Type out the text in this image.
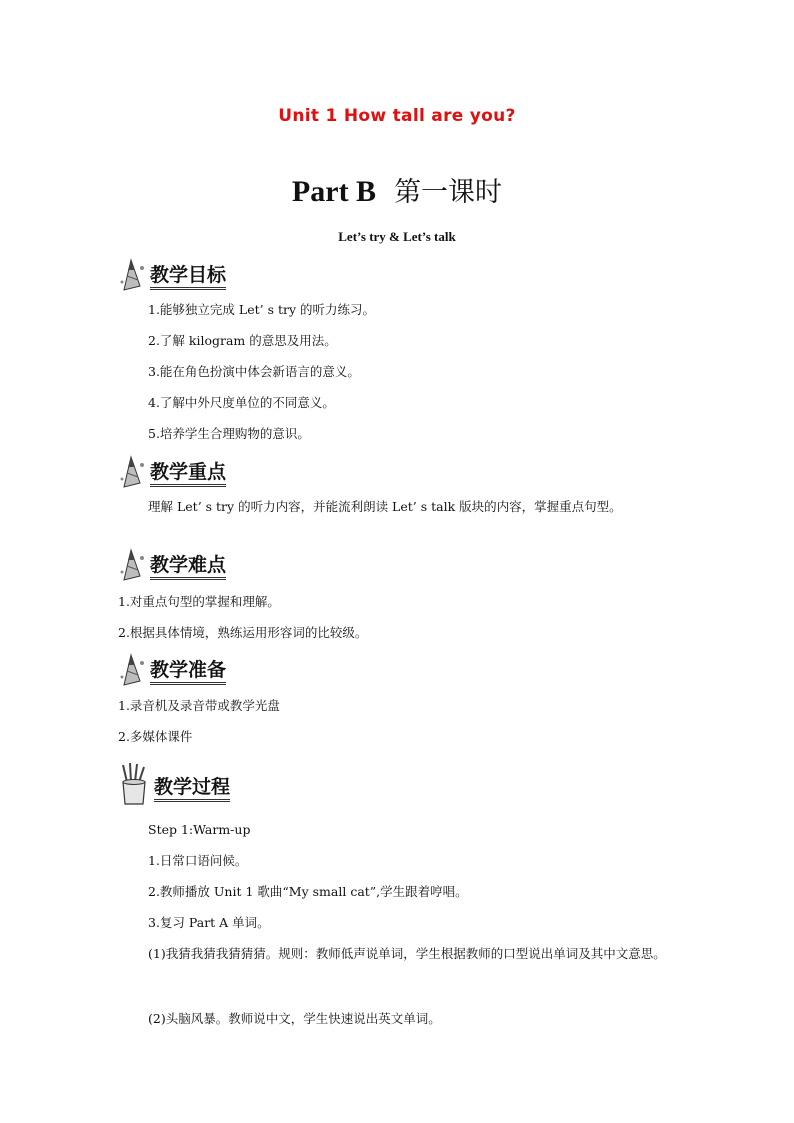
Unit 1 How tall are you?
Part B 第一课时
Let’s try & Let’s talk
教学目标
1.能够独立完成 Let’ s try 的听力练习。
2.了解 kilogram 的意思及用法。
3.能在角色扮演中体会新语言的意义。
4.了解中外尺度单位的不同意义。
5.培养学生合理购物的意识。
教学重点
理解 Let’ s try 的听力内容，并能流利朗读 Let’ s talk 版块的内容，掌握重点句型。
教学难点
1.对重点句型的掌握和理解。
2.根据具体情境，熟练运用形容词的比较级。
教学准备
1.录音机及录音带或教学光盘
2.多媒体课件
教学过程
Step 1:Warm-up
1.日常口语问候。
2.教师播放 Unit 1 歌曲“My small cat”,学生跟着哼唱。
3.复习 Part A 单词。
(1)我猜我猜我猜猜猜。规则：教师低声说单词，学生根据教师的口型说出单词及其中文意思。
(2)头脑风暴。教师说中文，学生快速说出英文单词。
